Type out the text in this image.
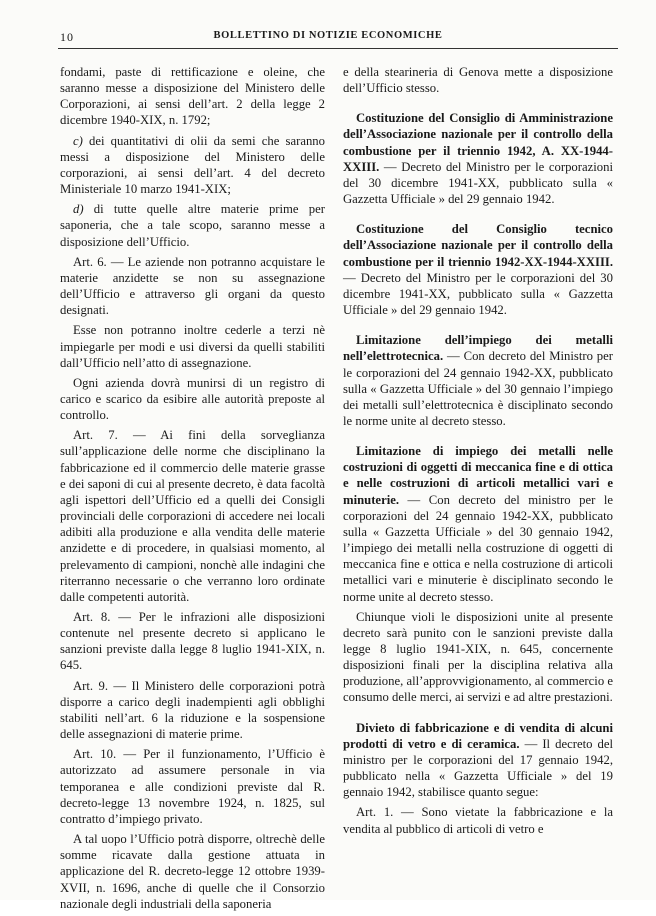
10	BOLLETTINO DI NOTIZIE ECONOMICHE

fondami, paste di rettificazione e oleine, che saranno messe a disposizione del Ministero delle Corporazioni, ai sensi dell’art. 2 della legge 2 dicembre 1940-XIX, n. 1792;

c) dei quantitativi di olii da semi che saranno messi a disposizione del Ministero delle corporazioni, ai sensi dell’art. 4 del decreto Ministeriale 10 marzo 1941-XIX;

d) di tutte quelle altre materie prime per saponeria, che a tale scopo, saranno messe a disposizione dell’Ufficio.

Art. 6. — Le aziende non potranno acquistare le materie anzidette se non su assegnazione dell’Ufficio e attraverso gli organi da questo designati.

Esse non potranno inoltre cederle a terzi nè impiegarle per modi e usi diversi da quelli stabiliti dall’Ufficio nell’atto di assegnazione.

Ogni azienda dovrà munirsi di un registro di carico e scarico da esibire alle autorità preposte al controllo.

Art. 7. — Ai fini della sorveglianza sull’applicazione delle norme che disciplinano la fabbricazione ed il commercio delle materie grasse e dei saponi di cui al presente decreto, è data facoltà agli ispettori dell’Ufficio ed a quelli dei Consigli provinciali delle corporazioni di accedere nei locali adibiti alla produzione e alla vendita delle materie anzidette e di procedere, in qualsiasi momento, al prelevamento di campioni, nonchè alle indagini che riterranno necessarie o che verranno loro ordinate dalle competenti autorità.

Art. 8. — Per le infrazioni alle disposizioni contenute nel presente decreto si applicano le sanzioni previste dalla legge 8 luglio 1941-XIX, n. 645.

Art. 9. — Il Ministero delle corporazioni potrà disporre a carico degli inadempienti agli obblighi stabiliti nell’art. 6 la riduzione e la sospensione delle assegnazioni di materie prime.

Art. 10. — Per il funzionamento, l’Ufficio è autorizzato ad assumere personale in via temporanea e alle condizioni previste dal R. decreto-legge 13 novembre 1924, n. 1825, sul contratto d’impiego privato.

A tal uopo l’Ufficio potrà disporre, oltrechè delle somme ricavate dalla gestione attuata in applicazione del R. decreto-legge 12 ottobre 1939-XVII, n. 1696, anche di quelle che il Consorzio nazionale degli industriali della saponeria

e della stearineria di Genova mette a disposizione dell’Ufficio stesso.

Costituzione del Consiglio di Amministrazione dell’Associazione nazionale per il controllo della combustione per il triennio 1942, A. XX-1944-XXIII. — Decreto del Ministro per le corporazioni del 30 dicembre 1941-XX, pubblicato sulla « Gazzetta Ufficiale » del 29 gennaio 1942.

Costituzione del Consiglio tecnico dell’Associazione nazionale per il controllo della combustione per il triennio 1942-XX-1944-XXIII. — Decreto del Ministro per le corporazioni del 30 dicembre 1941-XX, pubblicato sulla « Gazzetta Ufficiale » del 29 gennaio 1942.

Limitazione dell’impiego dei metalli nell’elettrotecnica. — Con decreto del Ministro per le corporazioni del 24 gennaio 1942-XX, pubblicato sulla « Gazzetta Ufficiale » del 30 gennaio l’impiego dei metalli sull’elettrotecnica è disciplinato secondo le norme unite al decreto stesso.

Limitazione di impiego dei metalli nelle costruzioni di oggetti di meccanica fine e di ottica e nelle costruzioni di articoli metallici vari e minuterie. — Con decreto del ministro per le corporazioni del 24 gennaio 1942-XX, pubblicato sulla « Gazzetta Ufficiale » del 30 gennaio 1942, l’impiego dei metalli nella costruzione di oggetti di meccanica fine e ottica e nella costruzione di articoli metallici vari e minuterie è disciplinato secondo le norme unite al decreto stesso.

Chiunque violi le disposizioni unite al presente decreto sarà punito con le sanzioni previste dalla legge 8 luglio 1941-XIX, n. 645, concernente disposizioni finali per la disciplina relativa alla produzione, all’approvvigionamento, al commercio e consumo delle merci, ai servizi e ad altre prestazioni.

Divieto di fabbricazione e di vendita di alcuni prodotti di vetro e di ceramica. — Il decreto del ministro per le corporazioni del 17 gennaio 1942, pubblicato nella « Gazzetta Ufficiale » del 19 gennaio 1942, stabilisce quanto segue:

Art. 1. — Sono vietate la fabbricazione e la vendita al pubblico di articoli di vetro e
